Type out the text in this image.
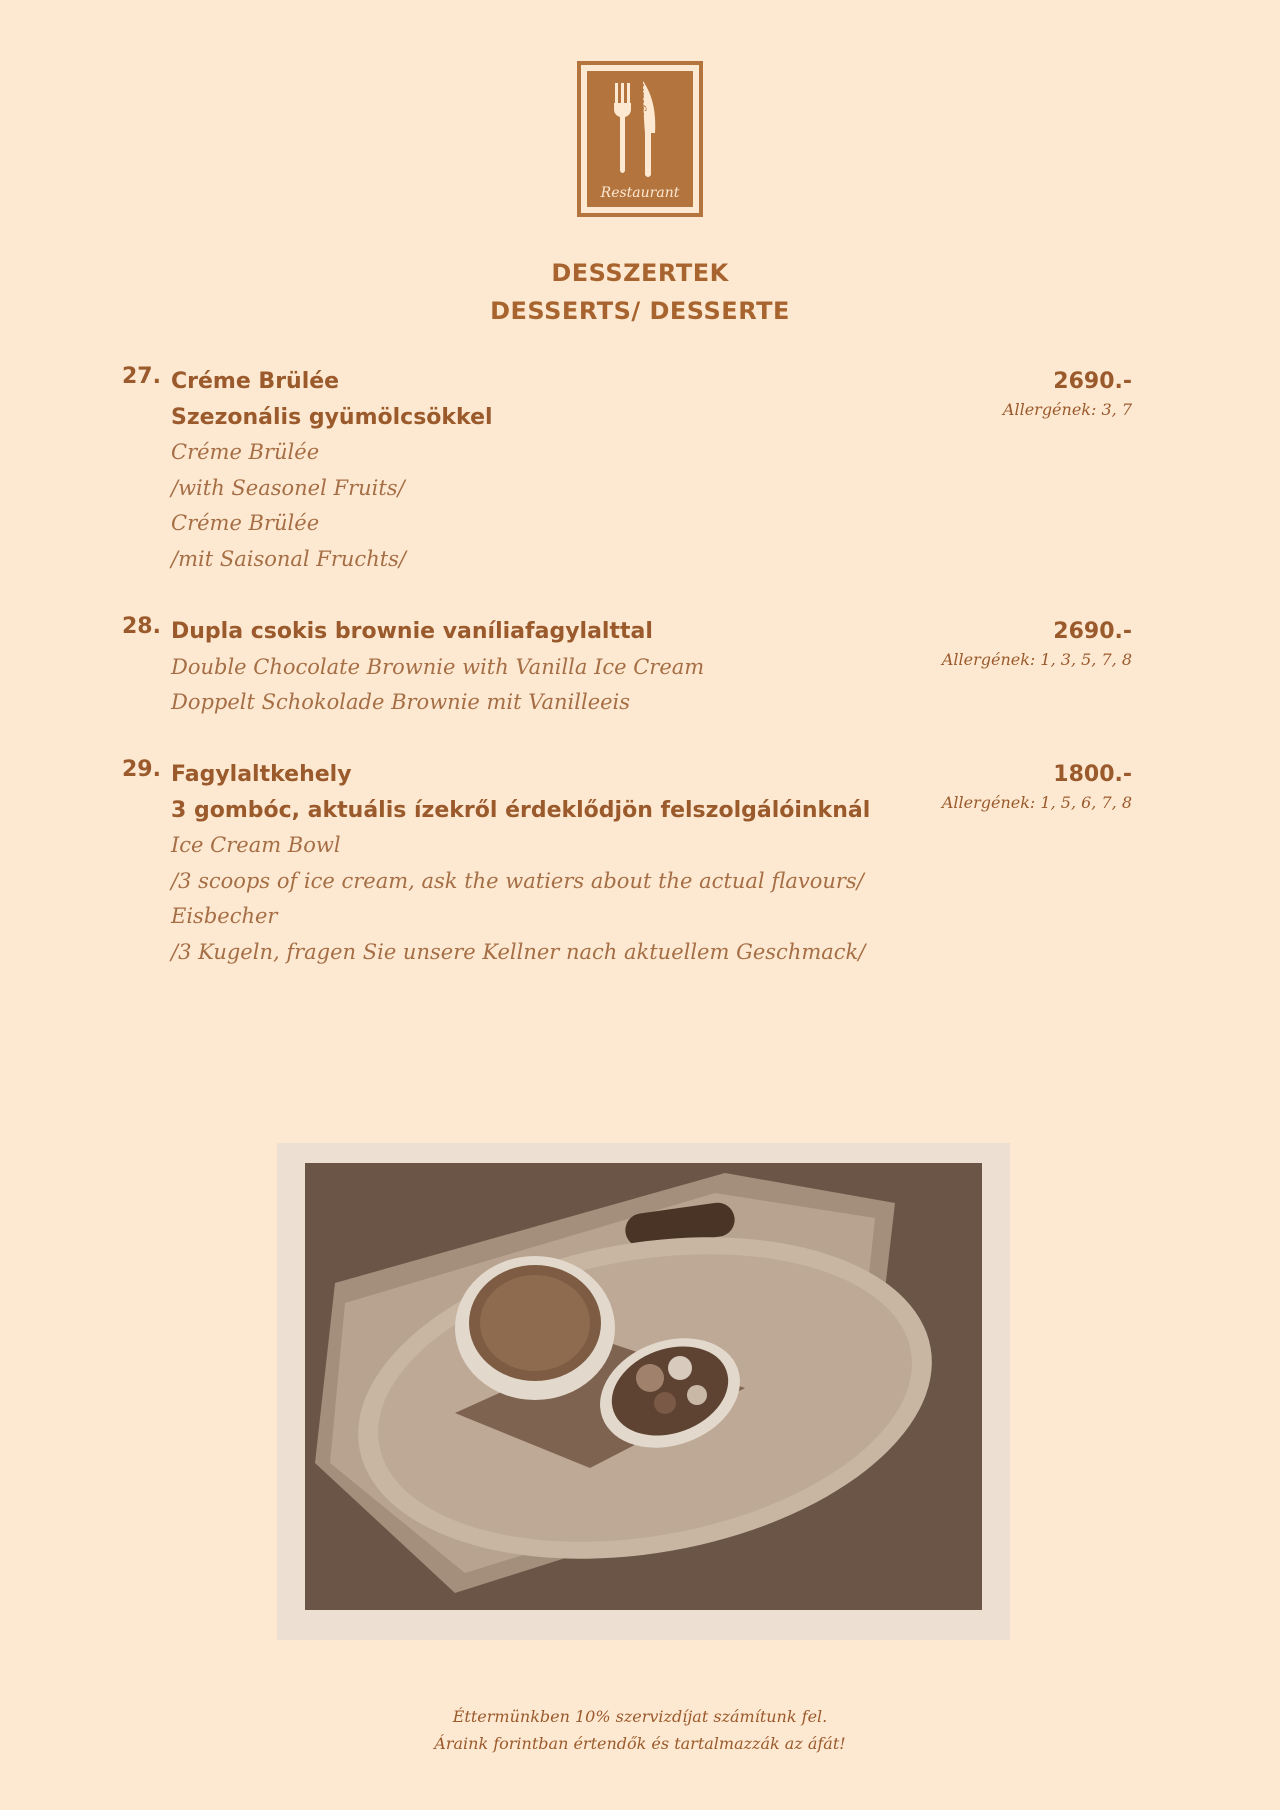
Belgian
Restaurant
DESSZERTEK
DESSERTS/ DESSERTE
27. Créme Brülée
Szezonális gyümölcsökkel
Créme Brülée
/with Seasonel Fruits/
Créme Brülée
/mit Saisonal Fruchts/
2690.-
Allergének: 3, 7
28. Dupla csokis brownie vaníliafagylalttal
Double Chocolate Brownie with Vanilla Ice Cream
Doppelt Schokolade Brownie mit Vanilleeis
2690.-
Allergének: 1, 3, 5, 7, 8
29. Fagylaltkehely
3 gombóc, aktuális ízekről érdeklődjön felszolgálóinknál
Ice Cream Bowl
/3 scoops of ice cream, ask the watiers about the actual flavours/
Eisbecher
/3 Kugeln, fragen Sie unsere Kellner nach aktuellem Geschmack/
1800.-
Allergének: 1, 5, 6, 7, 8
Éttermünkben 10% szervizdíjat számítunk fel.
Áraink forintban értendők és tartalmazzák az áfát!
